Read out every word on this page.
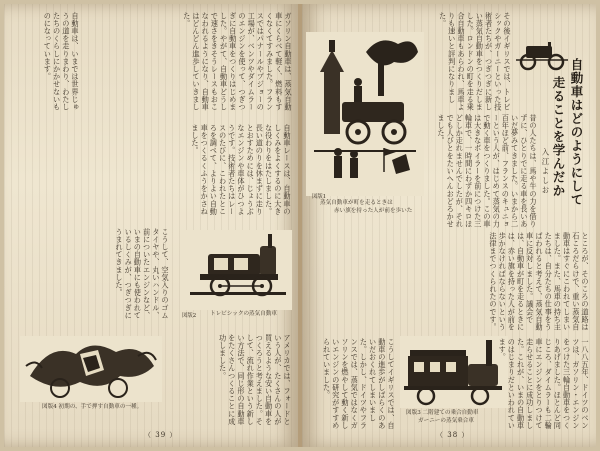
自動車は、いまでは世界じゅうの道を走りまわり、わたしたちのくらしにかかせないものになっています。	ガソリン自動車は、蒸気自動車にくらべて軽く、燃料もすくなくてすみました。フランスではパナールやプジョーの工場が、ベンツやダイムラーのエンジンを使って、つぎつぎに自動車をつくりはじめました。やがて、自動車どうしで速さをきそうレースもおこなわれるようになり、自動車はどんどん進歩していきました。

自動車レースは、自動車のしくみをよくするのに大きな役わりをはたしました。長い道のりを休まずに走りとおすためには、じょうぶなエンジンや車体がひつようです。技術者たちはレースのたびに、こわれたところを調べて、よりよい自動車をつくるくふうをかさねました。

こうして、空気入りのゴムタイヤや、丸いハンドル、前についたエンジンなど、いまの自動車にも使われているしくみが、つぎつぎにうまれてきました。

図版2 トレビシックの蒸気自動車
図版4 初期の、手で押す自動車の一種。	アメリカでは、フォードという人が、たくさんの人が買えるような安い自動車をつくろうと考えました。そして、流れ作業という新しい方法で、同じ形の自動車をたくさんつくることに成功しました。

（ 39 ）
図版1
蒸気自動車が町を走るときは
赤い旗を持った人が前を歩いた

その後イギリスでは、トレビシックやガーニーといった技術者たちが、つぎつぎに新しい蒸気自動車をつくりだしました。ロンドンの町を走る乗合自動車もあらわれ、馬車よりも速いと評判になりました。

自動車はどのようにして
走ることを学んだか
入江よしお

昔の人たちは、馬や牛の力を借りずに、ひとりでに走る車を長いあいだ夢みてきました。いまから二百年ほど前、フランスのキュニョーという人が、はじめて蒸気の力で動く車をつくりました。この車は大きなボイラーを前につけた三輪車で、一時間にわずか四キロほどしか走れませんでしたが、それでも人びとをたいへんおどろかせました。

ところが、そのころの道路は石ころだらけで、重い蒸気自動車はすぐにこわれてしまいました。また、馬車の持ち主たちは、自分たちの仕事をうばわれると考えて、蒸気自動車に反対しました。議会では、自動車が町を走るときには、赤い旗を持った人が前を歩かなければならないという法律までつくられたのです。

こうしてイギリスでは、自動車の進歩がしばらくのあいだおくれてしまいました。しかし、ドイツやフランスでは、蒸気ではなくガソリンを燃やして動く新しいエンジンの研究がすすめられていました。

図版3 二階建ての乗合自動車
ガーニーの蒸気乗合車	一八八五年、ドイツのベンツは、ガソリン・エンジンをつけた三輪自動車をつくりあげました。ほとんど同じころ、ダイムラーも二輪車にエンジンをとりつけて走らせることに成功しました。これが、いまの自動車のはじまりだといわれています。

（ 38 ）
